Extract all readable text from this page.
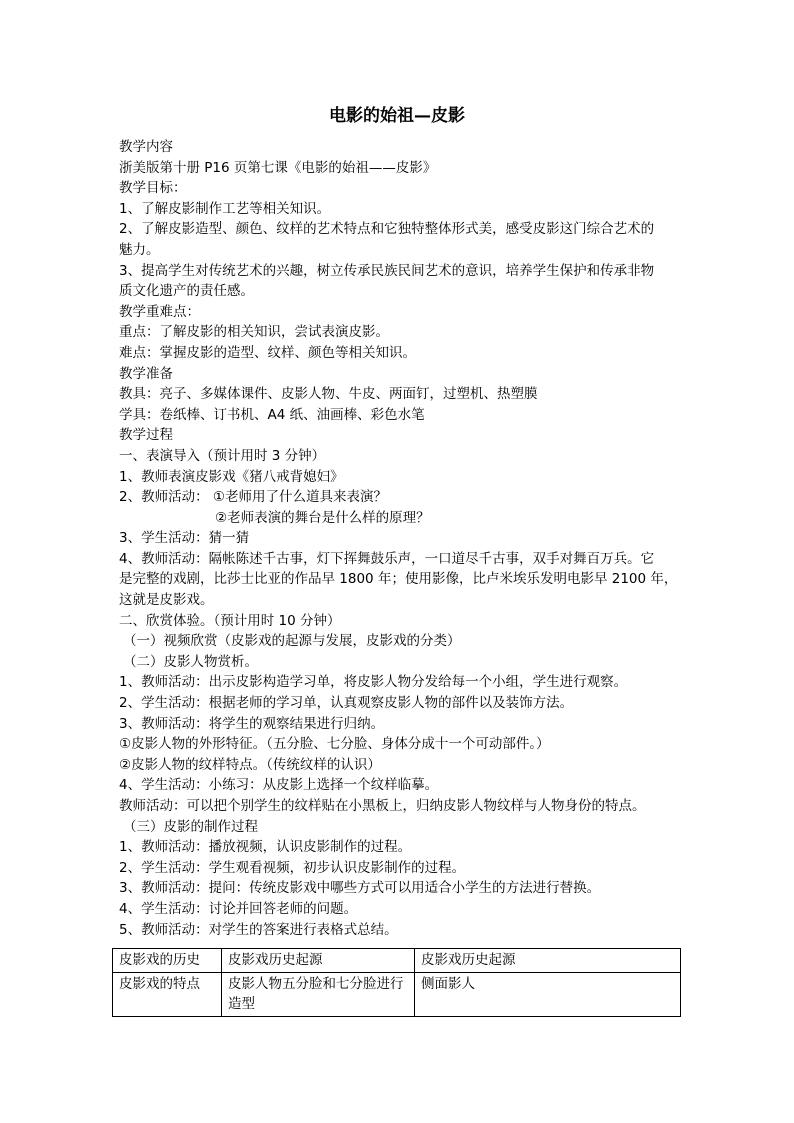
电影的始祖—皮影
教学内容
浙美版第十册 P16 页第七课《电影的始祖——皮影》
教学目标：
1、了解皮影制作工艺等相关知识。
2、了解皮影造型、颜色、纹样的艺术特点和它独特整体形式美，感受皮影这门综合艺术的
魅力。
3、提高学生对传统艺术的兴趣，树立传承民族民间艺术的意识，培养学生保护和传承非物
质文化遗产的责任感。
教学重难点：
重点：了解皮影的相关知识，尝试表演皮影。
难点：掌握皮影的造型、纹样、颜色等相关知识。
教学准备
教具：亮子、多媒体课件、皮影人物、牛皮、两面钉，过塑机、热塑膜
学具：卷纸棒、订书机、A4 纸、油画棒、彩色水笔
教学过程
一、表演导入（预计用时 3 分钟）
1、教师表演皮影戏《猪八戒背媳妇》
2、教师活动： ①老师用了什么道具来表演？
②老师表演的舞台是什么样的原理？
3、学生活动：猜一猜
4、教师活动：隔帐陈述千古事，灯下挥舞鼓乐声，一口道尽千古事，双手对舞百万兵。它
是完整的戏剧，比莎士比亚的作品早 1800 年；使用影像，比卢米埃乐发明电影早 2100 年，
这就是皮影戏。
二、欣赏体验。（预计用时 10 分钟）
（一）视频欣赏（皮影戏的起源与发展，皮影戏的分类）
（二）皮影人物赏析。
1、教师活动：出示皮影构造学习单，将皮影人物分发给每一个小组，学生进行观察。
2、学生活动：根据老师的学习单，认真观察皮影人物的部件以及装饰方法。
3、教师活动：将学生的观察结果进行归纳。
①皮影人物的外形特征。（五分脸、七分脸、身体分成十一个可动部件。）
②皮影人物的纹样特点。（传统纹样的认识）
4、学生活动：小练习：从皮影上选择一个纹样临摹。
教师活动：可以把个别学生的纹样贴在小黑板上，归纳皮影人物纹样与人物身份的特点。
（三）皮影的制作过程
1、教师活动：播放视频，认识皮影制作的过程。
2、学生活动：学生观看视频，初步认识皮影制作的过程。
3、教师活动：提问：传统皮影戏中哪些方式可以用适合小学生的方法进行替换。
4、学生活动：讨论并回答老师的问题。
5、教师活动：对学生的答案进行表格式总结。
皮影戏的历史	皮影戏历史起源	皮影戏历史起源
皮影戏的特点	皮影人物五分脸和七分脸进行造型	侧面影人
